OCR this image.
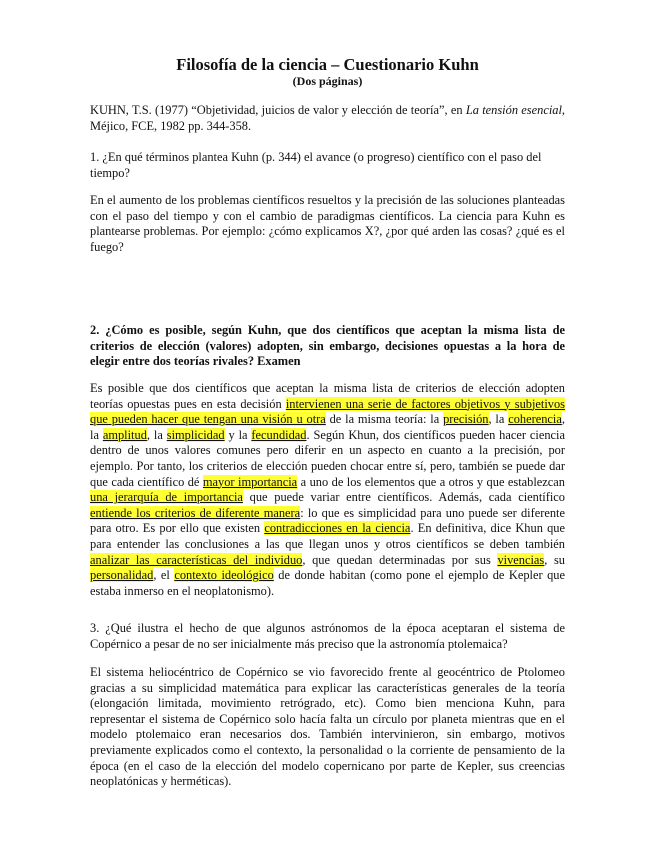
Filosofía de la ciencia – Cuestionario Kuhn
(Dos páginas)
KUHN, T.S. (1977) “Objetividad, juicios de valor y elección de teoría”, en La tensión esencial, Méjico, FCE, 1982 pp. 344-358.
1. ¿En qué términos plantea Kuhn (p. 344) el avance (o progreso) científico con el paso del tiempo?
En el aumento de los problemas científicos resueltos y la precisión de las soluciones planteadas con el paso del tiempo y con el cambio de paradigmas científicos. La ciencia para Kuhn es plantearse problemas. Por ejemplo: ¿cómo explicamos X?, ¿por qué arden las cosas? ¿qué es el fuego?
2. ¿Cómo es posible, según Kuhn, que dos científicos que aceptan la misma lista de criterios de elección (valores) adopten, sin embargo, decisiones opuestas a la hora de elegir entre dos teorías rivales? Examen
Es posible que dos científicos que aceptan la misma lista de criterios de elección adopten teorías opuestas pues en esta decisión intervienen una serie de factores objetivos y subjetivos que pueden hacer que tengan una visión u otra de la misma teoría: la precisión, la coherencia, la amplitud, la simplicidad y la fecundidad. Según Khun, dos científicos pueden hacer ciencia dentro de unos valores comunes pero diferir en un aspecto en cuanto a la precisión, por ejemplo. Por tanto, los criterios de elección pueden chocar entre sí, pero, también se puede dar que cada científico dé mayor importancia a uno de los elementos que a otros y que establezcan una jerarquía de importancia que puede variar entre científicos. Además, cada científico entiende los criterios de diferente manera: lo que es simplicidad para uno puede ser diferente para otro. Es por ello que existen contradicciones en la ciencia. En definitiva, dice Khun que para entender las conclusiones a las que llegan unos y otros científicos se deben también analizar las características del individuo, que quedan determinadas por sus vivencias, su personalidad, el contexto ideológico de donde habitan (como pone el ejemplo de Kepler que estaba inmerso en el neoplatonismo).
3. ¿Qué ilustra el hecho de que algunos astrónomos de la época aceptaran el sistema de Copérnico a pesar de no ser inicialmente más preciso que la astronomía ptolemaica?
El sistema heliocéntrico de Copérnico se vio favorecido frente al geocéntrico de Ptolomeo gracias a su simplicidad matemática para explicar las características generales de la teoría (elongación limitada, movimiento retrógrado, etc). Como bien menciona Kuhn, para representar el sistema de Copérnico solo hacía falta un círculo por planeta mientras que en el modelo ptolemaico eran necesarios dos. También intervinieron, sin embargo, motivos previamente explicados como el contexto, la personalidad o la corriente de pensamiento de la época (en el caso de la elección del modelo copernicano por parte de Kepler, sus creencias neoplatónicas y herméticas).
